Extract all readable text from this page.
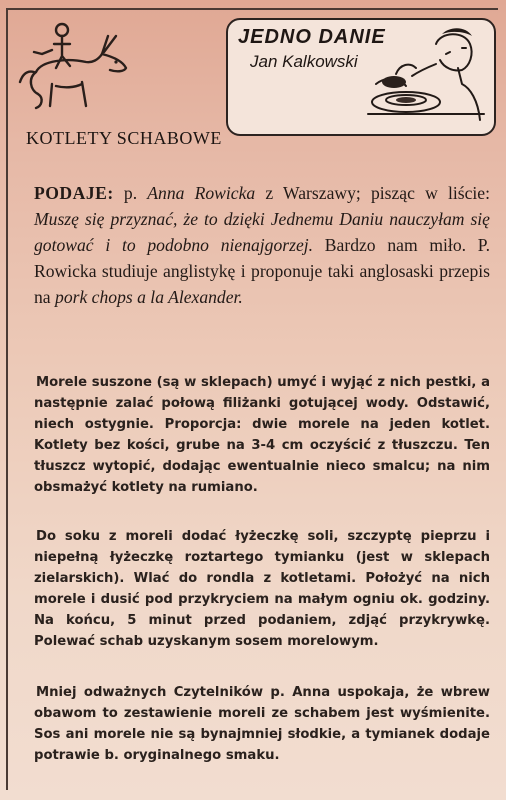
JEDNO DANIE
Jan Kalkowski
KOTLETY SCHABOWE
PODAJE: p. Anna Rowicka z Warszawy; pisząc w liście: Muszę się przyznać, że to dzięki Jednemu Daniu nauczyłam się gotować i to podobno nienajgorzej. Bardzo nam miło. P. Rowicka studiuje anglistykę i proponuje taki anglosaski przepis na pork chops a la Alexander.

Morele suszone (są w sklepach) umyć i wyjąć z nich pestki, a następnie zalać połową filiżanki gotującej wody. Odstawić, niech ostygnie. Proporcja: dwie morele na jeden kotlet. Kotlety bez kości, grube na 3-4 cm oczyścić z tłuszczu. Ten tłuszcz wytopić, dodając ewentualnie nieco smalcu; na nim obsmażyć kotlety na rumiano.

Do soku z moreli dodać łyżeczkę soli, szczyptę pieprzu i niepełną łyżeczkę roztartego tymianku (jest w sklepach zielarskich). Wlać do rondla z kotletami. Położyć na nich morele i dusić pod przykryciem na małym ogniu ok. godziny. Na końcu, 5 minut przed podaniem, zdjąć przykrywkę. Polewać schab uzyskanym sosem morelowym.

Mniej odważnych Czytelników p. Anna uspokaja, że wbrew obawom to zestawienie moreli ze schabem jest wyśmienite. Sos ani morele nie są bynajmniej słodkie, a tymianek dodaje potrawie b. oryginalnego smaku.
